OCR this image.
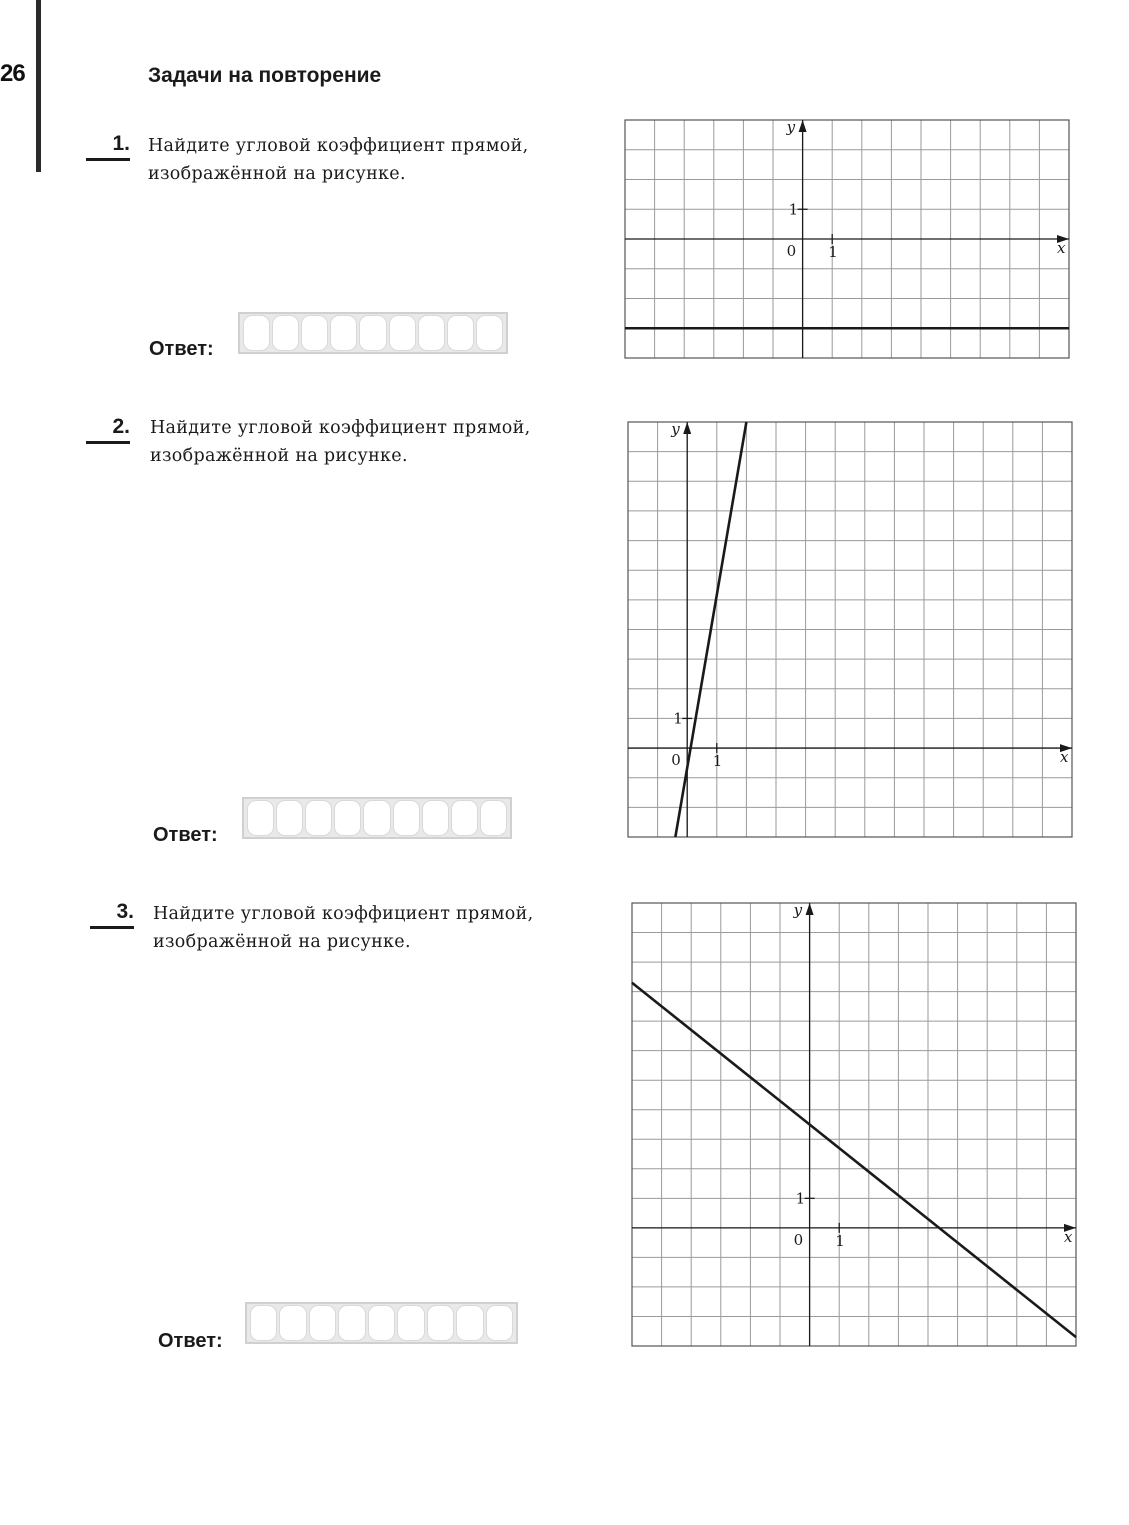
26	Задачи на повторение
1. Найдите угловой коэффициент прямой, изображённой на рисунке.
Ответ:
x
y
0 1
1
2. Найдите угловой коэффициент прямой, изображённой на рисунке.
Ответ:
x
y
0 1
1
3. Найдите угловой коэффициент прямой, изображённой на рисунке.
Ответ:
x
y
0 1
1
